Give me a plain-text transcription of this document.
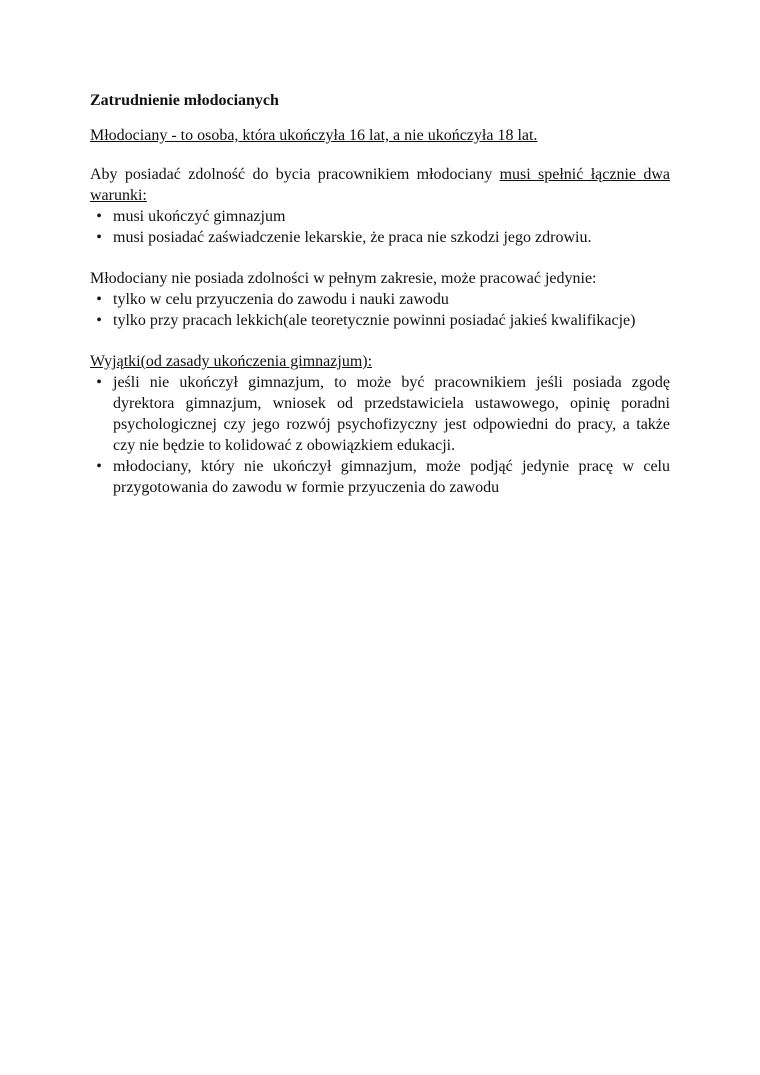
Zatrudnienie młodocianych
Młodociany - to osoba, która ukończyła 16 lat, a nie ukończyła 18 lat.

Aby posiadać zdolność do bycia pracownikiem młodociany musi spełnić łącznie dwa warunki:

• musi ukończyć gimnazjum
• musi posiadać zaświadczenie lekarskie, że praca nie szkodzi jego zdrowiu.

Młodociany nie posiada zdolności w pełnym zakresie, może pracować jedynie:

• tylko w celu przyuczenia do zawodu i nauki zawodu
• tylko przy pracach lekkich(ale teoretycznie powinni posiadać jakieś kwalifikacje)

Wyjątki(od zasady ukończenia gimnazjum):

• jeśli nie ukończył gimnazjum, to może być pracownikiem jeśli posiada zgodę dyrektora gimnazjum, wniosek od przedstawiciela ustawowego, opinię poradni psychologicznej czy jego rozwój psychofizyczny jest odpowiedni do pracy, a także czy nie będzie to kolidować z obowiązkiem edukacji.
• młodociany, który nie ukończył gimnazjum, może podjąć jedynie pracę w celu przygotowania do zawodu w formie przyuczenia do zawodu
